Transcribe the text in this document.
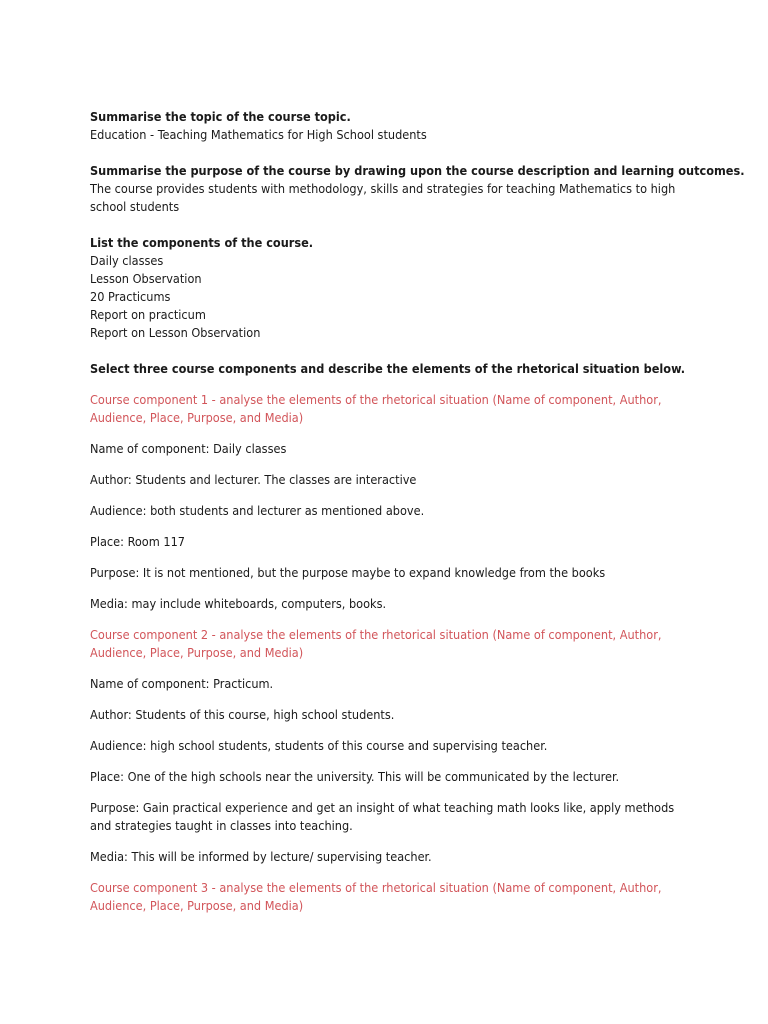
Summarise the topic of the course topic.
Education - Teaching Mathematics for High School students
Summarise the purpose of the course by drawing upon the course description and learning outcomes.
The course provides students with methodology, skills and strategies for teaching Mathematics to high
school students
List the components of the course.
Daily classes
Lesson Observation
20 Practicums
Report on practicum
Report on Lesson Observation
Select three course components and describe the elements of the rhetorical situation below.
Course component 1 - analyse the elements of the rhetorical situation (Name of component, Author,
Audience, Place, Purpose, and Media)
Name of component: Daily classes
Author: Students and lecturer. The classes are interactive
Audience: both students and lecturer as mentioned above.
Place: Room 117
Purpose: It is not mentioned, but the purpose maybe to expand knowledge from the books
Media: may include whiteboards, computers, books.
Course component 2 - analyse the elements of the rhetorical situation (Name of component, Author,
Audience, Place, Purpose, and Media)
Name of component: Practicum.
Author: Students of this course, high school students.
Audience: high school students, students of this course and supervising teacher.
Place: One of the high schools near the university. This will be communicated by the lecturer.
Purpose: Gain practical experience and get an insight of what teaching math looks like, apply methods
and strategies taught in classes into teaching.
Media: This will be informed by lecture/ supervising teacher.
Course component 3 - analyse the elements of the rhetorical situation (Name of component, Author,
Audience, Place, Purpose, and Media)
